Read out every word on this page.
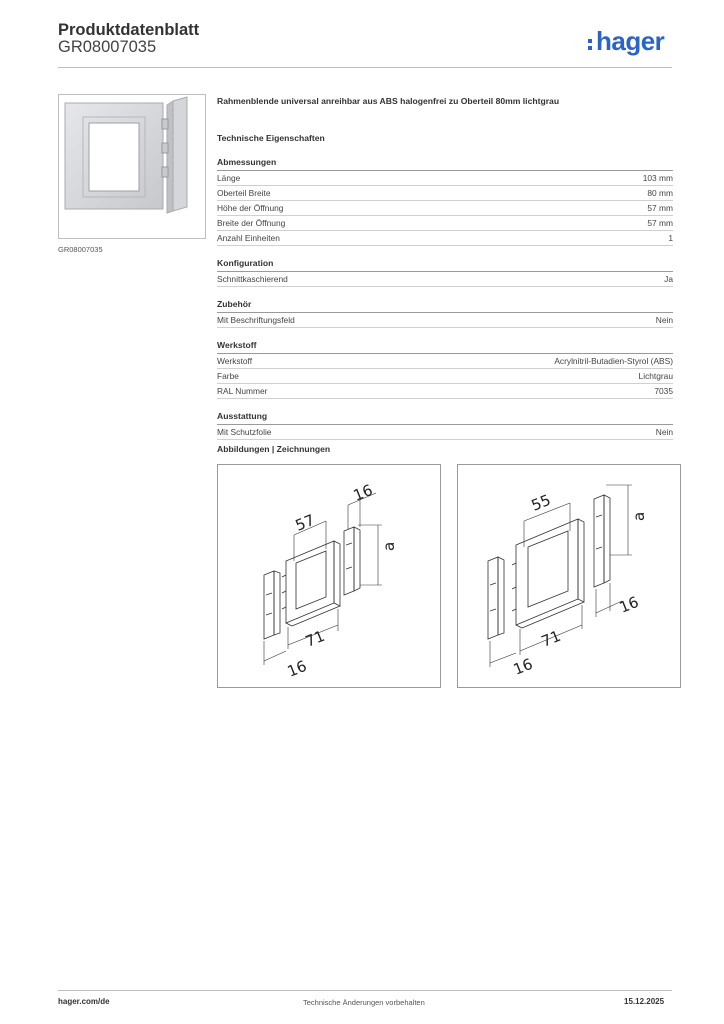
Produktdatenblatt
GR08007035	hager
GR08007035
Rahmenblende universal anreihbar aus ABS halogenfrei zu Oberteil 80mm lichtgrau
Technische Eigenschaften
Abmessungen
Länge	103 mm
Oberteil Breite	80 mm
Höhe der Öffnung	57 mm
Breite der Öffnung	57 mm
Anzahl Einheiten	1
Konfiguration
Schnittkaschierend	Ja
Zubehör
Mit Beschriftungsfeld	Nein
Werkstoff
Werkstoff	Acrylnitril-Butadien-Styrol (ABS)
Farbe	Lichtgrau
RAL Nummer	7035
Ausstattung
Mit Schutzfolie	Nein
Abbildungen | Zeichnungen
57
16
a
71
16
55
a
16
71
16
hager.com/de	Technische Änderungen vorbehalten	15.12.2025
